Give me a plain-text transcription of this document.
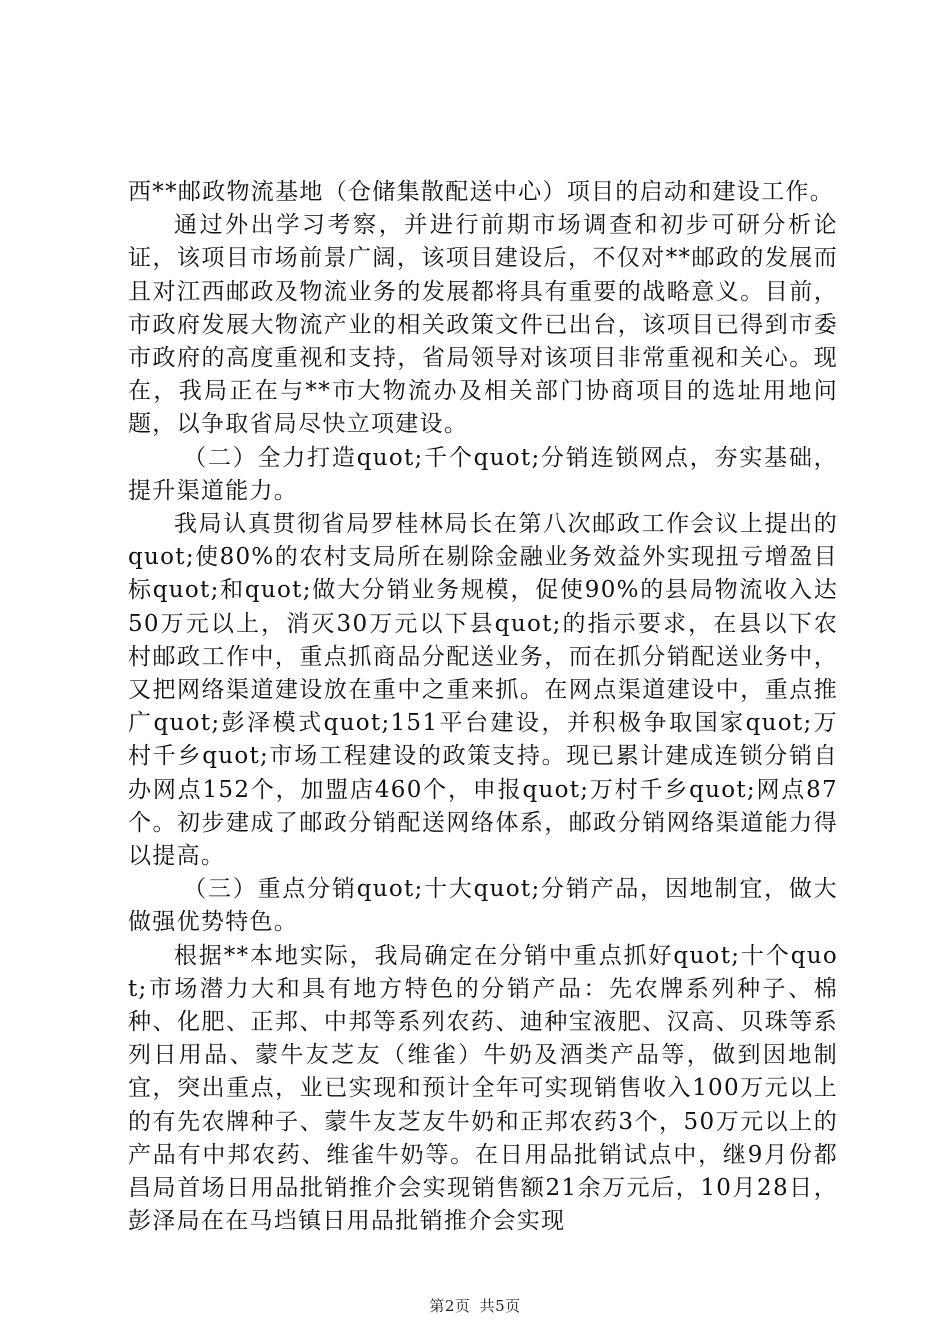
西**邮政物流基地（仓储集散配送中心）项目的启动和建设工作。

通过外出学习考察，并进行前期市场调查和初步可研分析论证，该项目市场前景广阔，该项目建设后，不仅对**邮政的发展而且对江西邮政及物流业务的发展都将具有重要的战略意义。目前，市政府发展大物流产业的相关政策文件已出台，该项目已得到市委市政府的高度重视和支持，省局领导对该项目非常重视和关心。现在，我局正在与**市大物流办及相关部门协商项目的选址用地问题，以争取省局尽快立项建设。

（二）全力打造quot;千个quot;分销连锁网点，夯实基础，提升渠道能力。

我局认真贯彻省局罗桂林局长在第八次邮政工作会议上提出的quot;使80%的农村支局所在剔除金融业务效益外实现扭亏增盈目标quot;和quot;做大分销业务规模，促使90%的县局物流收入达50万元以上，消灭30万元以下县quot;的指示要求，在县以下农村邮政工作中，重点抓商品分配送业务，而在抓分销配送业务中，又把网络渠道建设放在重中之重来抓。在网点渠道建设中，重点推广quot;彭泽模式quot;151平台建设，并积极争取国家quot;万村千乡quot;市场工程建设的政策支持。现已累计建成连锁分销自办网点152个，加盟店460个，申报quot;万村千乡quot;网点87个。初步建成了邮政分销配送网络体系，邮政分销网络渠道能力得以提高。

（三）重点分销quot;十大quot;分销产品，因地制宜，做大做强优势特色。

根据**本地实际，我局确定在分销中重点抓好quot;十个quot;市场潜力大和具有地方特色的分销产品：先农牌系列种子、棉种、化肥、正邦、中邦等系列农药、迪种宝液肥、汉高、贝珠等系列日用品、蒙牛友芝友（维雀）牛奶及酒类产品等，做到因地制宜，突出重点，业已实现和预计全年可实现销售收入100万元以上的有先农牌种子、蒙牛友芝友牛奶和正邦农药3个，50万元以上的产品有中邦农药、维雀牛奶等。在日用品批销试点中，继9月份都昌局首场日用品批销推介会实现销售额21余万元后，10月28日，彭泽局在在马垱镇日用品批销推介会实现

第2页 共5页
